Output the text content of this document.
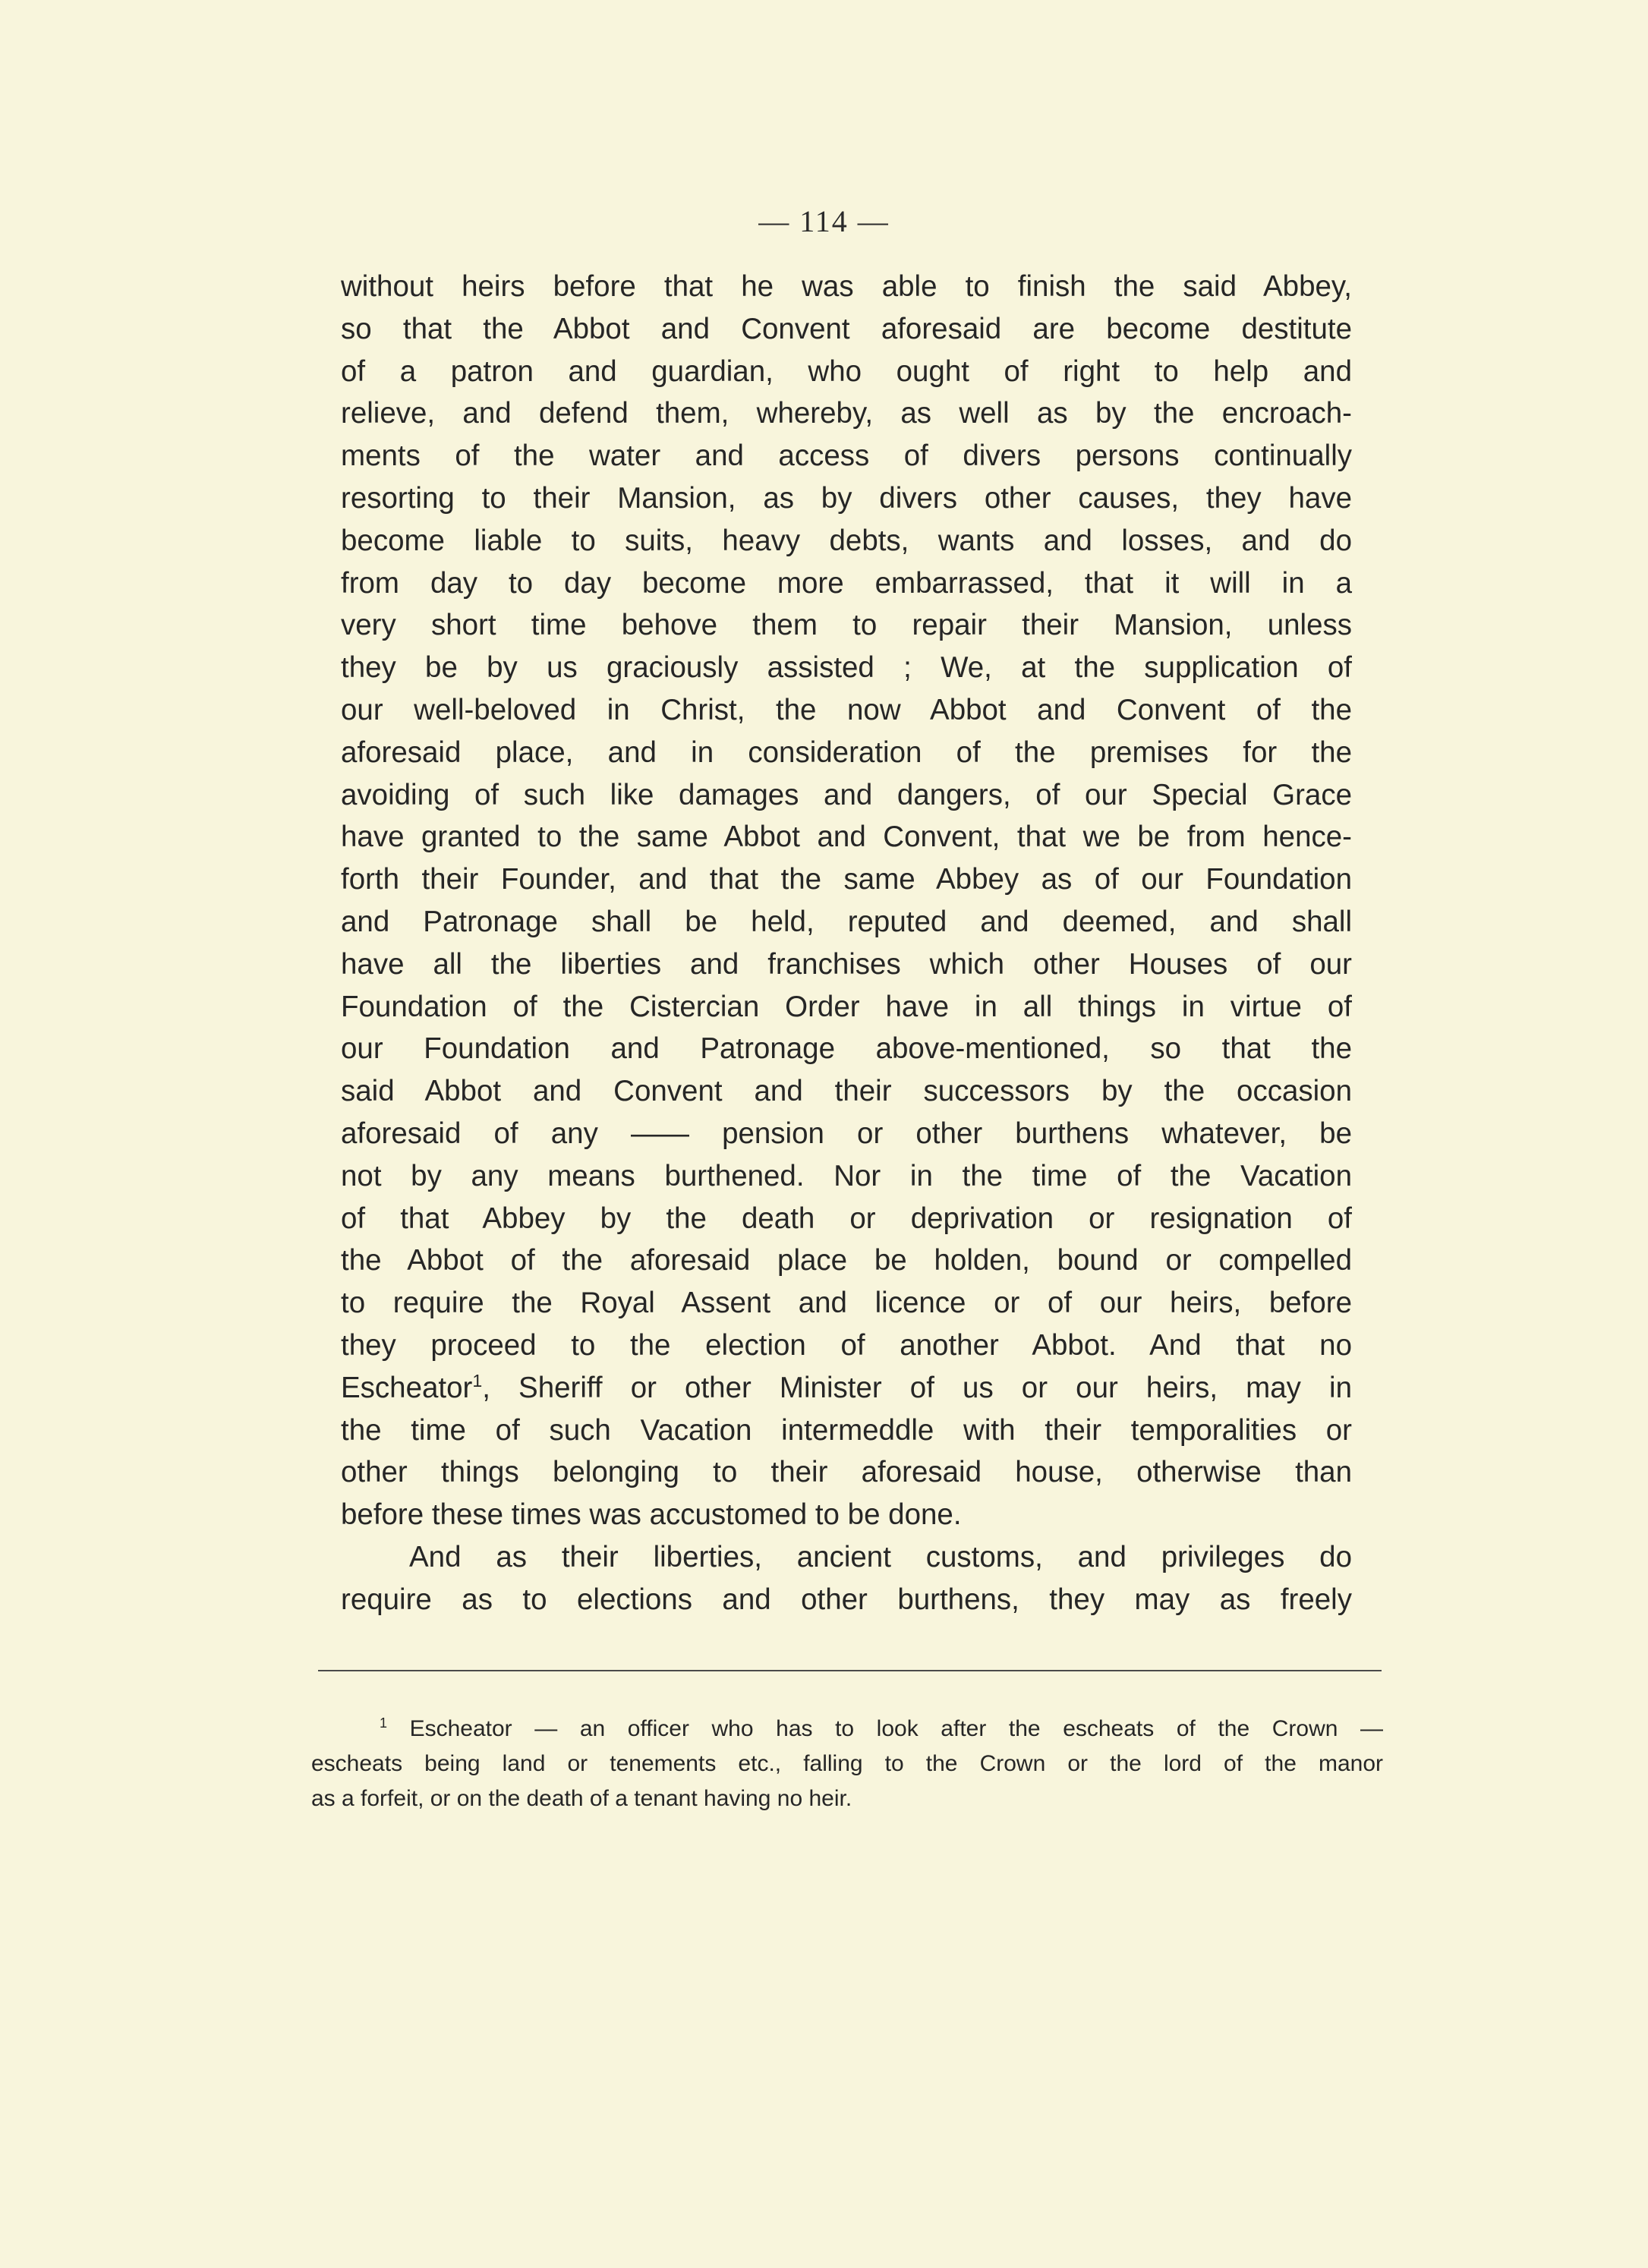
— 114 —
without heirs before that he was able to finish the said Abbey,
so that the Abbot and Convent aforesaid are become destitute
of a patron and guardian, who ought of right to help and
relieve, and defend them, whereby, as well as by the encroach-
ments of the water and access of divers persons continually
resorting to their Mansion, as by divers other causes, they have
become liable to suits, heavy debts, wants and losses, and do
from day to day become more embarrassed, that it will in a
very short time behove them to repair their Mansion, unless
they be by us graciously assisted ; We, at the supplication of
our well-beloved in Christ, the now Abbot and Convent of the
aforesaid place, and in consideration of the premises for the
avoiding of such like damages and dangers, of our Special Grace
have granted to the same Abbot and Convent, that we be from hence-
forth their Founder, and that the same Abbey as of our Foundation
and Patronage shall be held, reputed and deemed, and shall
have all the liberties and franchises which other Houses of our
Foundation of the Cistercian Order have in all things in virtue of
our Foundation and Patronage above-mentioned, so that the
said Abbot and Convent and their successors by the occasion
aforesaid of any —— pension or other burthens whatever, be
not by any means burthened. Nor in the time of the Vacation
of that Abbey by the death or deprivation or resignation of
the Abbot of the aforesaid place be holden, bound or compelled
to require the Royal Assent and licence or of our heirs, before
they proceed to the election of another Abbot. And that no
Escheator$^1$, Sheriff or other Minister of us or our heirs, may in
the time of such Vacation intermeddle with their temporalities or
other things belonging to their aforesaid house, otherwise than
before these times was accustomed to be done.
And as their liberties, ancient customs, and privileges do
require as to elections and other burthens, they may as freely
$^1$ Escheator — an officer who has to look after the escheats of the Crown —
escheats being land or tenements etc., falling to the Crown or the lord of the manor
as a forfeit, or on the death of a tenant having no heir.
